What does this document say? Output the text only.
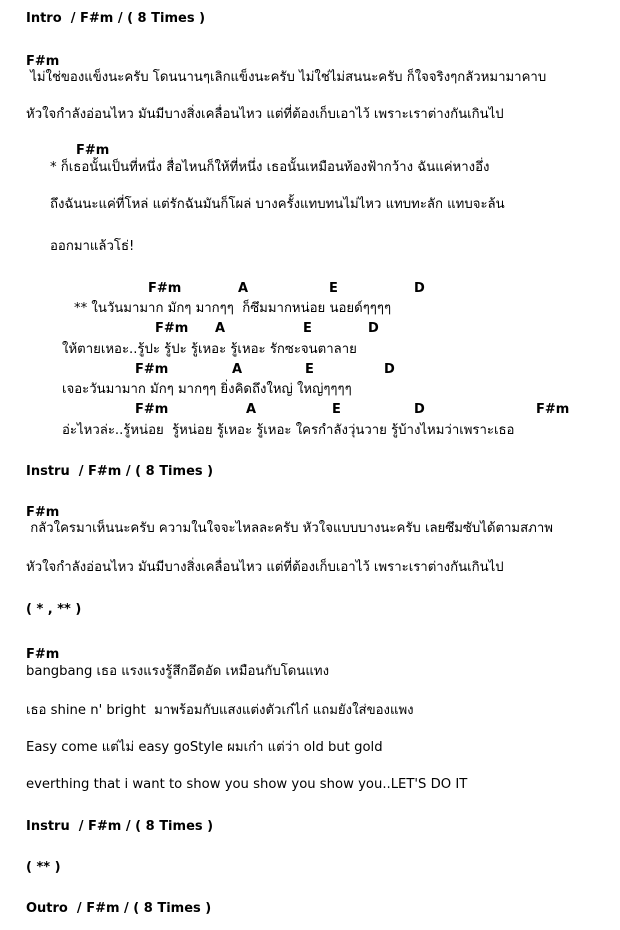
Intro  / F#m / ( 8 Times )
F#m
ไม่ใช่ของแข็งนะครับ โดนนานๆเลิกแข็งนะครับ ไม่ใช่ไม่สนนะครับ ก็ใจจริงๆกลัวหมามาคาบ
หัวใจกำลังอ่อนไหว มันมีบางสิ่งเคลื่อนไหว แต่ที่ต้องเก็บเอาไว้ เพราะเราต่างกันเกินไป
F#m
* ก็เธอนั้นเป็นที่หนึ่ง สื่อไหนก็ให้ที่หนึ่ง เธอนั้นเหมือนท้องฟ้ากว้าง ฉันแค่หางอึ่ง
ถึงฉันนะแค่ที่โหล่ แต่รักฉันมันก็โผล่ บางครั้งแทบทนไม่ไหว แทบทะลัก แทบจะล้น
ออกมาแล้วโธ่!
F#m	A	E	D
** ในวันมามาก มักๆ มากๆๆ  ก็ซึมมากหน่อย นอยด์ๆๆๆๆ
F#m A	E	D
ให้ตายเหอะ..รู้ปะ รู้ปะ รู้เหอะ รู้เหอะ รักซะจนตาลาย
F#m	A	E	D
เจอะวันมามาก มักๆ มากๆๆ ยิ่งคิดถึงใหญ่ ใหญ่ๆๆๆๆ
F#m	A	E	D	F#m
อ่ะไหวล่ะ..รู้หน่อย  รู้หน่อย รู้เหอะ รู้เหอะ ใครกำลังวุ่นวาย รู้บ้างไหมว่าเพราะเธอ
Instru  / F#m / ( 8 Times )
F#m
กลัวใครมาเห็นนะครับ ความในใจจะไหลละครับ หัวใจแบบบางนะครับ เลยซึมซับได้ตามสภาพ
หัวใจกำลังอ่อนไหว มันมีบางสิ่งเคลื่อนไหว แต่ที่ต้องเก็บเอาไว้ เพราะเราต่างกันเกินไป
( * , ** )
F#m
bangbang เธอ แรงแรงรู้สึกอึดอัด เหมือนกับโดนแทง
เธอ shine n' bright  มาพร้อมกับแสงแต่งตัวเก๋ไก๋ แถมยังใส่ของแพง
Easy come แต่ไม่ easy goStyle ผมเก๋า แต่ว่า old but gold
everthing that i want to show you show you show you..LET'S DO IT
Instru  / F#m / ( 8 Times )
( ** )
Outro  / F#m / ( 8 Times )
